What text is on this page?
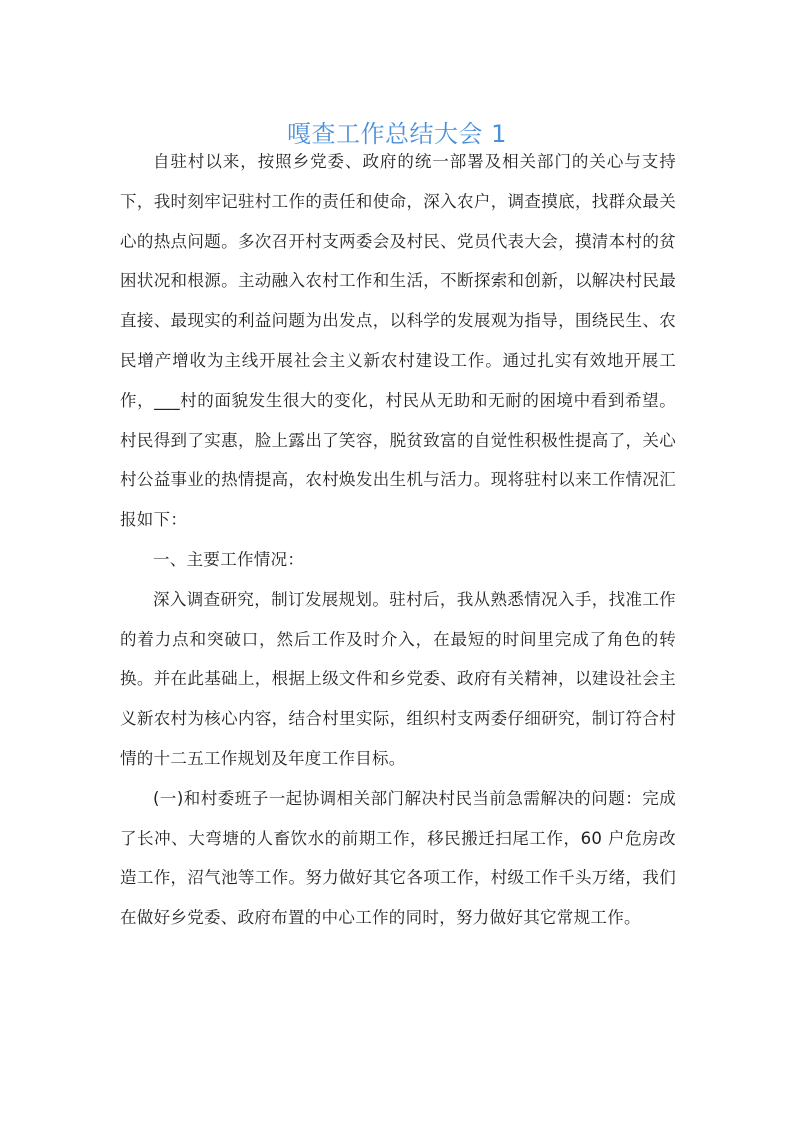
嘎查工作总结大会 1

自驻村以来，按照乡党委、政府的统一部署及相关部门的关心与支持下，我时刻牢记驻村工作的责任和使命，深入农户，调查摸底，找群众最关心的热点问题。多次召开村支两委会及村民、党员代表大会，摸清本村的贫困状况和根源。主动融入农村工作和生活，不断探索和创新，以解决村民最直接、最现实的利益问题为出发点，以科学的发展观为指导，围绕民生、农民增产增收为主线开展社会主义新农村建设工作。通过扎实有效地开展工作，___村的面貌发生很大的变化，村民从无助和无耐的困境中看到希望。村民得到了实惠，脸上露出了笑容，脱贫致富的自觉性积极性提高了，关心村公益事业的热情提高，农村焕发出生机与活力。现将驻村以来工作情况汇报如下：

一、主要工作情况：

深入调查研究，制订发展规划。驻村后，我从熟悉情况入手，找准工作的着力点和突破口，然后工作及时介入，在最短的时间里完成了角色的转换。并在此基础上，根据上级文件和乡党委、政府有关精神，以建设社会主义新农村为核心内容，结合村里实际，组织村支两委仔细研究，制订符合村情的十二五工作规划及年度工作目标。

(一)和村委班子一起协调相关部门解决村民当前急需解决的问题：完成了长冲、大弯塘的人畜饮水的前期工作，移民搬迁扫尾工作，60 户危房改造工作，沼气池等工作。努力做好其它各项工作，村级工作千头万绪，我们在做好乡党委、政府布置的中心工作的同时，努力做好其它常规工作。
